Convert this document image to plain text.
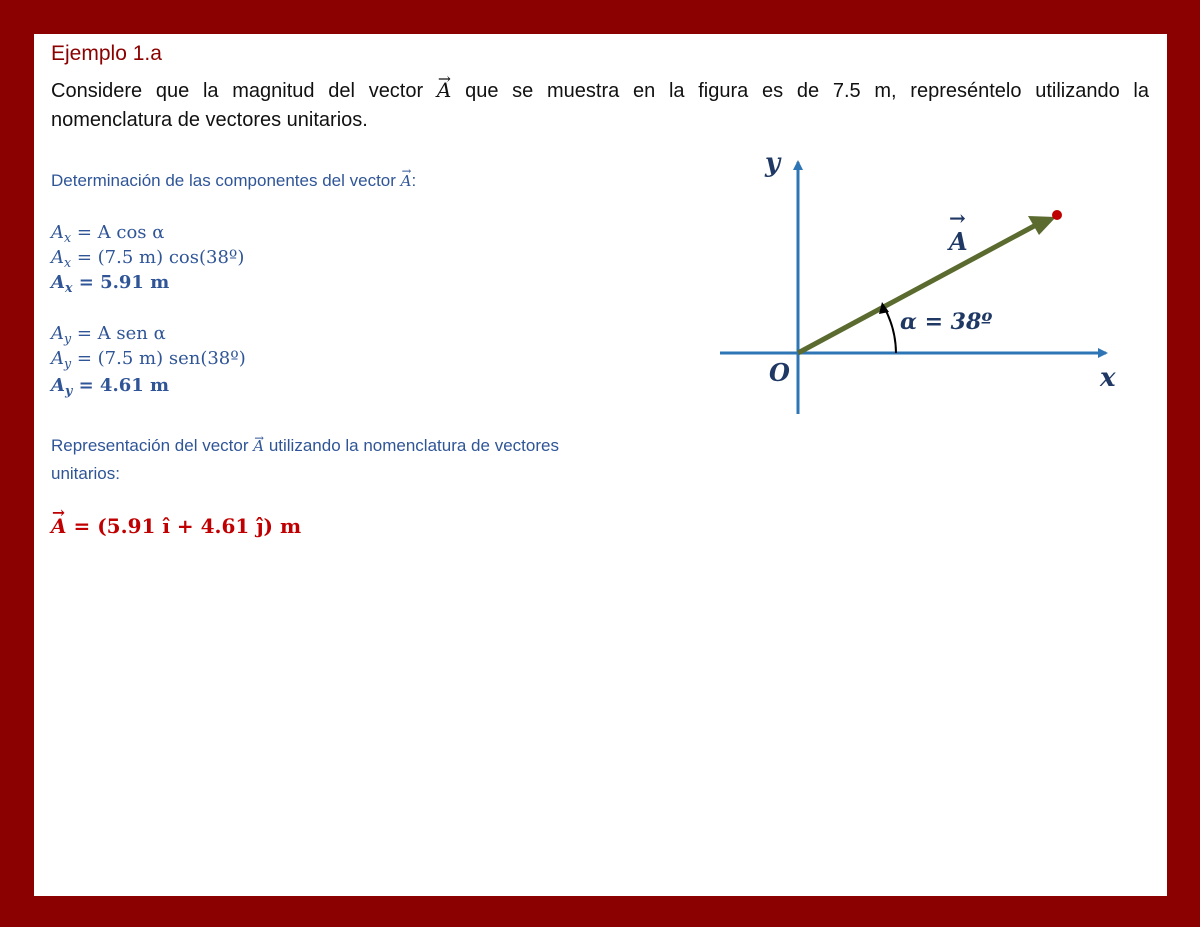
Ejemplo 1.a
Considere que la magnitud del vector → A que se muestra en la figura es de 7.5 m, represéntelo utilizando la
nomenclatura de vectores unitarios.
Determinación de las componentes del vector → A:
$A_x = A$ cos α
$A_x = (7.5$ m) cos(38º)
$A_x = 5.91$ m
$A_y = A$ sen α
$A_y = (7.5$ m) sen(38º)
$A_y = 4.61$ m
Representación del vector → A utilizando la nomenclatura de vectores unitarios:
→ A = (5.91 î + 4.61 ĵ) m
y
x
O
A
→
α = 38º
